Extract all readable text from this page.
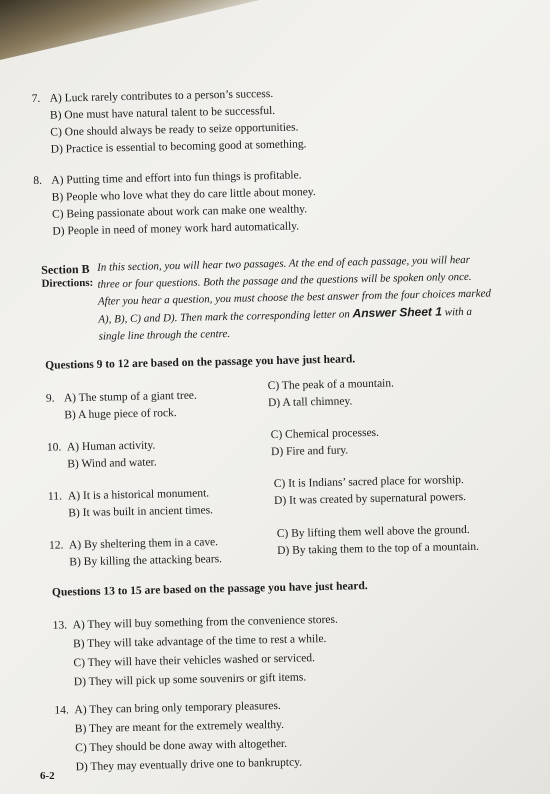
7. A) Luck rarely contributes to a person’s success.
B) One must have natural talent to be successful.
C) One should always be ready to seize opportunities.
D) Practice is essential to becoming good at something.
8. A) Putting time and effort into fun things is profitable.
B) People who love what they do care little about money.
C) Being passionate about work can make one wealthy.
D) People in need of money work hard automatically.
Section B
Directions:
In this section, you will hear two passages. At the end of each passage, you will hear three or four questions. Both the passage and the questions will be spoken only once. After you hear a question, you must choose the best answer from the four choices marked A), B), C) and D). Then mark the corresponding letter on Answer Sheet 1 with a single line through the centre.
Questions 9 to 12 are based on the passage you have just heard.
9. A) The stump of a giant tree.
B) A huge piece of rock.
C) The peak of a mountain.
D) A tall chimney.
10. A) Human activity.
B) Wind and water.
C) Chemical processes.
D) Fire and fury.
11. A) It is a historical monument.
B) It was built in ancient times.
C) It is Indians’ sacred place for worship.
D) It was created by supernatural powers.
12. A) By sheltering them in a cave.
B) By killing the attacking bears.
C) By lifting them well above the ground.
D) By taking them to the top of a mountain.
Questions 13 to 15 are based on the passage you have just heard.
13. A) They will buy something from the convenience stores.
B) They will take advantage of the time to rest a while.
C) They will have their vehicles washed or serviced.
D) They will pick up some souvenirs or gift items.
14. A) They can bring only temporary pleasures.
B) They are meant for the extremely wealthy.
C) They should be done away with altogether.
D) They may eventually drive one to bankruptcy.
6-2
